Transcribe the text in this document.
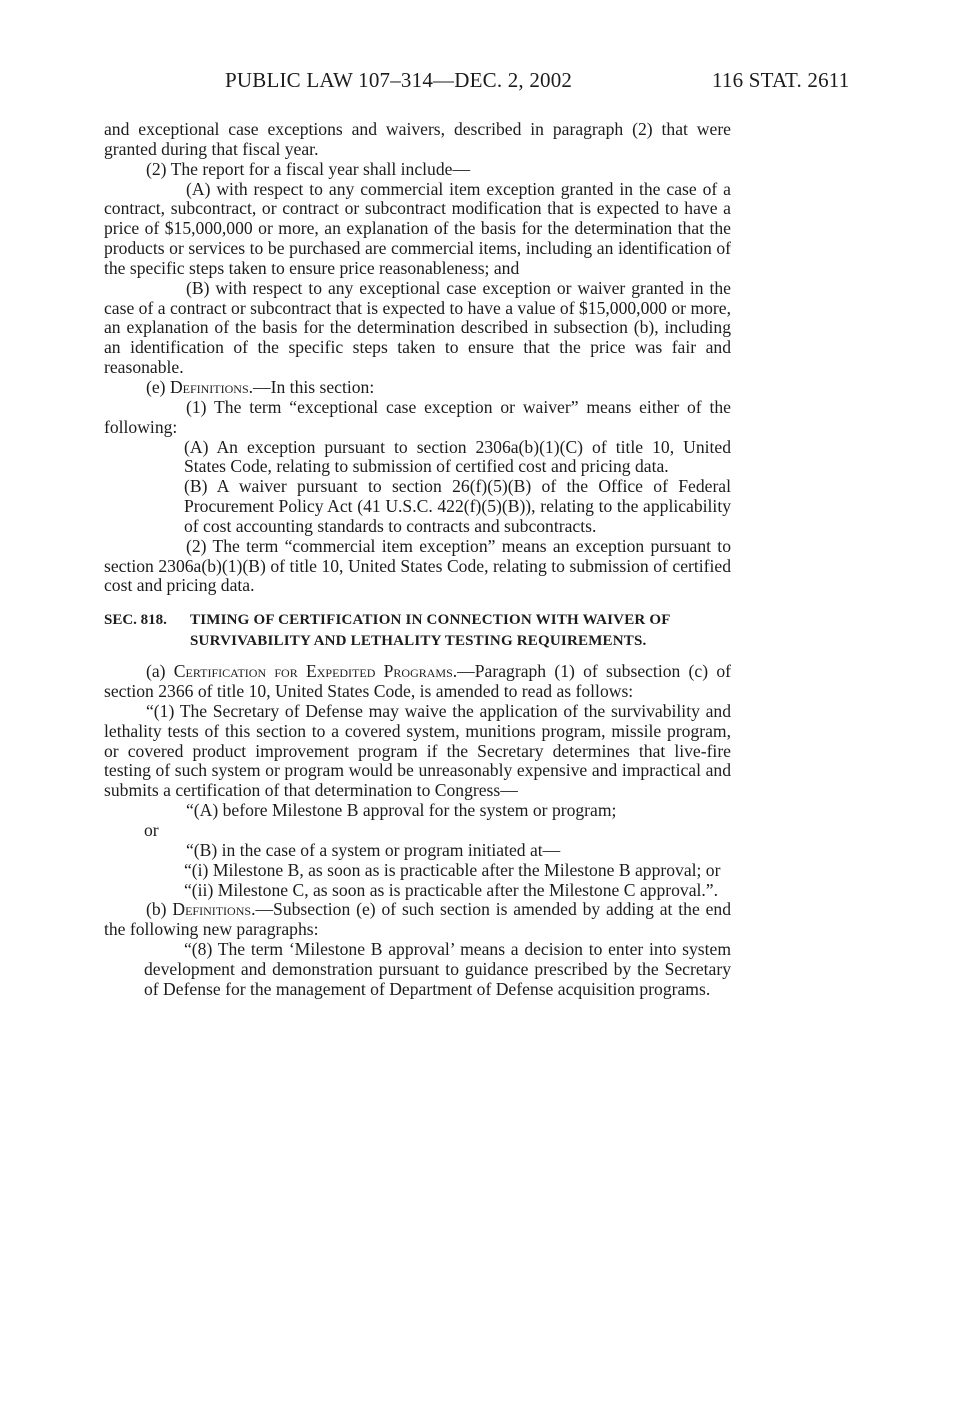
PUBLIC LAW 107–314—DEC. 2, 2002	116 STAT. 2611

and exceptional case exceptions and waivers, described in paragraph (2) that were granted during that fiscal year.

(2) The report for a fiscal year shall include—

(A) with respect to any commercial item exception granted in the case of a contract, subcontract, or contract or subcontract modification that is expected to have a price of $15,000,000 or more, an explanation of the basis for the determination that the products or services to be purchased are commercial items, including an identification of the specific steps taken to ensure price reasonableness; and

(B) with respect to any exceptional case exception or waiver granted in the case of a contract or subcontract that is expected to have a value of $15,000,000 or more, an explanation of the basis for the determination described in subsection (b), including an identification of the specific steps taken to ensure that the price was fair and reasonable.

(e) Definitions.—In this section:

(1) The term “exceptional case exception or waiver” means either of the following:

(A) An exception pursuant to section 2306a(b)(1)(C) of title 10, United States Code, relating to submission of certified cost and pricing data.

(B) A waiver pursuant to section 26(f)(5)(B) of the Office of Federal Procurement Policy Act (41 U.S.C. 422(f)(5)(B)), relating to the applicability of cost accounting standards to contracts and subcontracts.

(2) The term “commercial item exception” means an exception pursuant to section 2306a(b)(1)(B) of title 10, United States Code, relating to submission of certified cost and pricing data.

SEC. 818.	TIMING OF CERTIFICATION IN CONNECTION WITH WAIVER OF SURVIVABILITY AND LETHALITY TESTING REQUIREMENTS.

(a) Certification for Expedited Programs.—Paragraph (1) of subsection (c) of section 2366 of title 10, United States Code, is amended to read as follows:

“(1) The Secretary of Defense may waive the application of the survivability and lethality tests of this section to a covered system, munitions program, missile program, or covered product improvement program if the Secretary determines that live-fire testing of such system or program would be unreasonably expensive and impractical and submits a certification of that determination to Congress—

“(A) before Milestone B approval for the system or program;

or

“(B) in the case of a system or program initiated at—

“(i) Milestone B, as soon as is practicable after the Milestone B approval; or

“(ii) Milestone C, as soon as is practicable after the Milestone C approval.”.

(b) Definitions.—Subsection (e) of such section is amended by adding at the end the following new paragraphs:

“(8) The term ‘Milestone B approval’ means a decision to enter into system development and demonstration pursuant to guidance prescribed by the Secretary of Defense for the management of Department of Defense acquisition programs.
